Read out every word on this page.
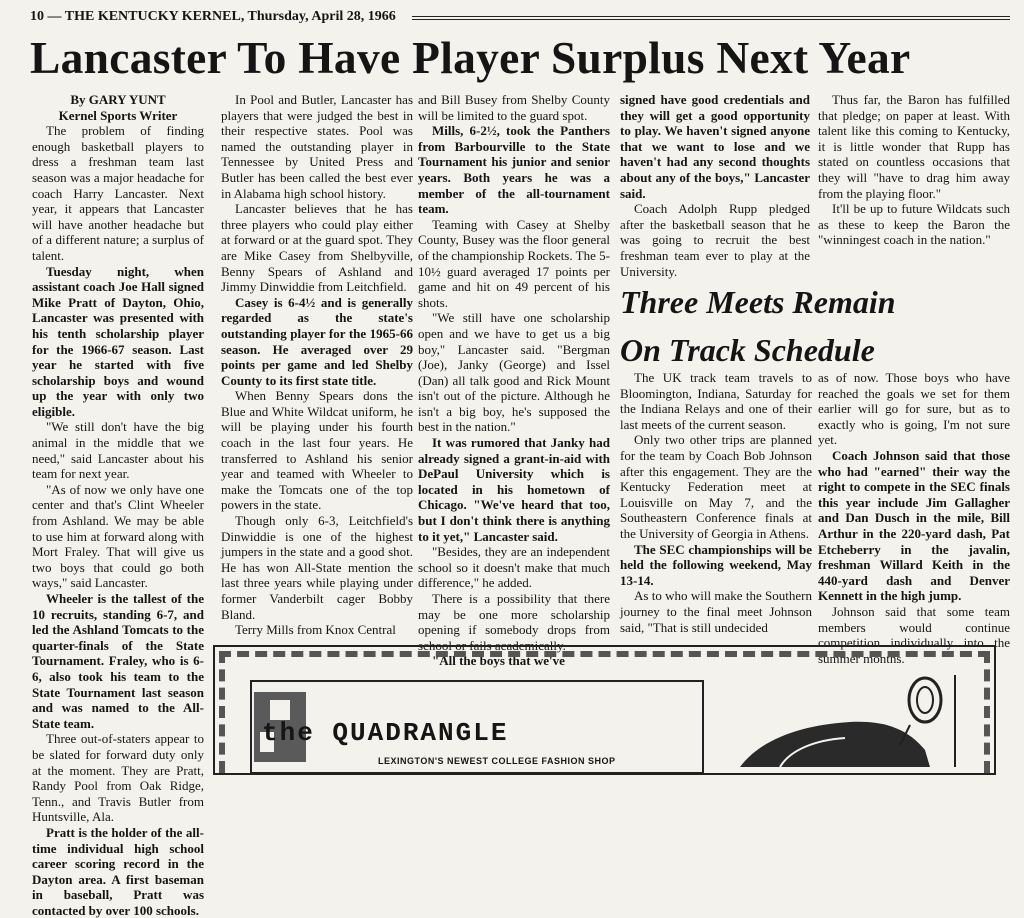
10 — THE KENTUCKY KERNEL, Thursday, April 28, 1966
Lancaster To Have Player Surplus Next Year

By GARY YUNT

Kernel Sports Writer

The problem of finding enough basketball players to dress a freshman team last season was a major headache for coach Harry Lancaster. Next year, it appears that Lancaster will have another headache but of a different nature; a surplus of talent.

Tuesday night, when assistant coach Joe Hall signed Mike Pratt of Dayton, Ohio, Lancaster was presented with his tenth scholarship player for the 1966-67 season. Last year he started with five scholarship boys and wound up the year with only two eligible.

"We still don't have the big animal in the middle that we need," said Lancaster about his team for next year.

"As of now we only have one center and that's Clint Wheeler from Ashland. We may be able to use him at forward along with Mort Fraley. That will give us two boys that could go both ways," said Lancaster.

Wheeler is the tallest of the 10 recruits, standing 6-7, and led the Ashland Tomcats to the quarter-finals of the State Tournament. Fraley, who is 6-6, also took his team to the State Tournament last season and was named to the All-State team.

Three out-of-staters appear to be slated for forward duty only at the moment. They are Pratt, Randy Pool from Oak Ridge, Tenn., and Travis Butler from Huntsville, Ala.

Pratt is the holder of the all-time individual high school career scoring record in the Dayton area. A first baseman in baseball, Pratt was contacted by over 100 schools.

In Pool and Butler, Lancaster has players that were judged the best in their respective states. Pool was named the outstanding player in Tennessee by United Press and Butler has been called the best ever in Alabama high school history.

Lancaster believes that he has three players who could play either at forward or at the guard spot. They are Mike Casey from Shelbyville, Benny Spears of Ashland and Jimmy Dinwiddie from Leitchfield.

Casey is 6-4½ and is generally regarded as the state's outstanding player for the 1965-66 season. He averaged over 29 points per game and led Shelby County to its first state title.

When Benny Spears dons the Blue and White Wildcat uniform, he will be playing under his fourth coach in the last four years. He transferred to Ashland his senior year and teamed with Wheeler to make the Tomcats one of the top powers in the state.

Though only 6-3, Leitchfield's Dinwiddie is one of the highest jumpers in the state and a good shot. He has won All-State mention the last three years while playing under former Vanderbilt cager Bobby Bland.

Terry Mills from Knox Central

and Bill Busey from Shelby County will be limited to the guard spot.

Mills, 6-2½, took the Panthers from Barbourville to the State Tournament his junior and senior years. Both years he was a member of the all-tournament team.

Teaming with Casey at Shelby County, Busey was the floor general of the championship Rockets. The 5-10½ guard averaged 17 points per game and hit on 49 percent of his shots.

"We still have one scholarship open and we have to get us a big boy," Lancaster said. "Bergman (Joe), Janky (George) and Issel (Dan) all talk good and Rick Mount isn't out of the picture. Although he isn't a big boy, he's supposed the best in the nation."

It was rumored that Janky had already signed a grant-in-aid with DePaul University which is located in his hometown of Chicago. "We've heard that too, but I don't think there is anything to it yet," Lancaster said.

"Besides, they are an independent school so it doesn't make that much difference," he added.

There is a possibility that there may be one more scholarship opening if somebody drops from school or fails academically.

"All the boys that we've

signed have good credentials and they will get a good opportunity to play. We haven't signed anyone that we want to lose and we haven't had any second thoughts about any of the boys," Lancaster said.

Coach Adolph Rupp pledged after the basketball season that he was going to recruit the best freshman team ever to play at the University.

Thus far, the Baron has fulfilled that pledge; on paper at least. With talent like this coming to Kentucky, it is little wonder that Rupp has stated on countless occasions that they will "have to drag him away from the playing floor."

It'll be up to future Wildcats such as these to keep the Baron the "winningest coach in the nation."

Three Meets Remain
On Track Schedule

The UK track team travels to Bloomington, Indiana, Saturday for the Indiana Relays and one of their last meets of the current season.

Only two other trips are planned for the team by Coach Bob Johnson after this engagement. They are the Kentucky Federation meet at Louisville on May 7, and the Southeastern Conference finals at the University of Georgia in Athens.

The SEC championships will be held the following weekend, May 13-14.

As to who will make the Southern journey to the final meet Johnson said, "That is still undecided

as of now. Those boys who have reached the goals we set for them earlier will go for sure, but as to exactly who is going, I'm not sure yet.

Coach Johnson said that those who had "earned" their way the right to compete in the SEC finals this year include Jim Gallagher and Dan Dusch in the mile, Bill Arthur in the 220-yard dash, Pat Etcheberry in the javalin, freshman Willard Keith in the 440-yard dash and Denver Kennett in the high jump.

Johnson said that some team members would continue competition individually into the summer months.

the QUADRANGLE
LEXINGTON'S NEWEST COLLEGE FASHION SHOP
